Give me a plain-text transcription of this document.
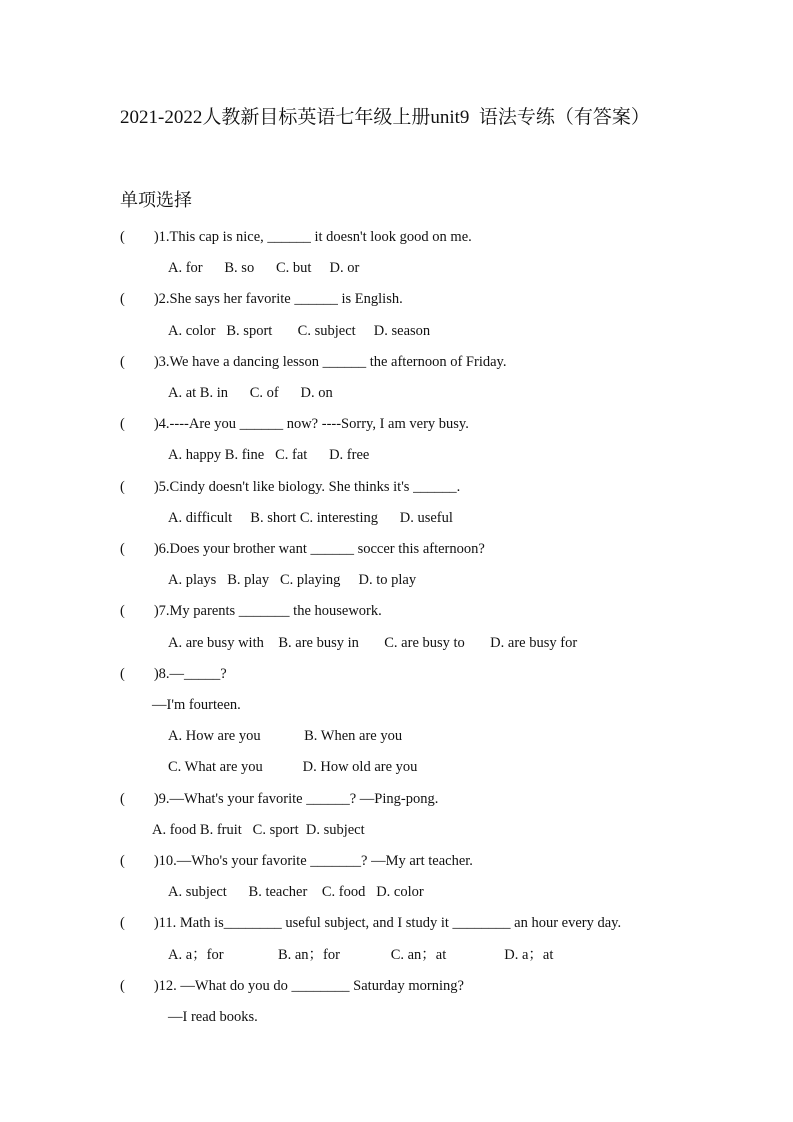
2021-2022人教新目标英语七年级上册unit9  语法专练（有答案）
单项选择
(        )1.This cap is nice, ______ it doesn't look good on me.
A. for      B. so      C. but     D. or
(        )2.She says her favorite ______ is English.
A. color   B. sport       C. subject     D. season
(        )3.We have a dancing lesson ______ the afternoon of Friday.
A. at B. in      C. of      D. on
(        )4.----Are you ______ now? ----Sorry, I am very busy.
A. happy B. fine   C. fat      D. free
(        )5.Cindy doesn't like biology. She thinks it's ______.
A. difficult     B. short C. interesting      D. useful
(        )6.Does your brother want ______ soccer this afternoon?
A. plays   B. play   C. playing     D. to play
(        )7.My parents _______ the housework.
A. are busy with    B. are busy in       C. are busy to       D. are busy for
(        )8.—_____?
—I'm fourteen.
A. How are you            B. When are you
C. What are you           D. How old are you
(        )9.—What's your favorite ______? —Ping-pong.
A. food B. fruit   C. sport  D. subject
(        )10.—Who's your favorite _______? —My art teacher.
A. subject      B. teacher    C. food   D. color
(        )11. Math is________ useful subject, and I study it ________ an hour every day.
A. a；for               B. an；for              C. an；at                D. a；at
(        )12. —What do you do ________ Saturday morning?
—I read books.
